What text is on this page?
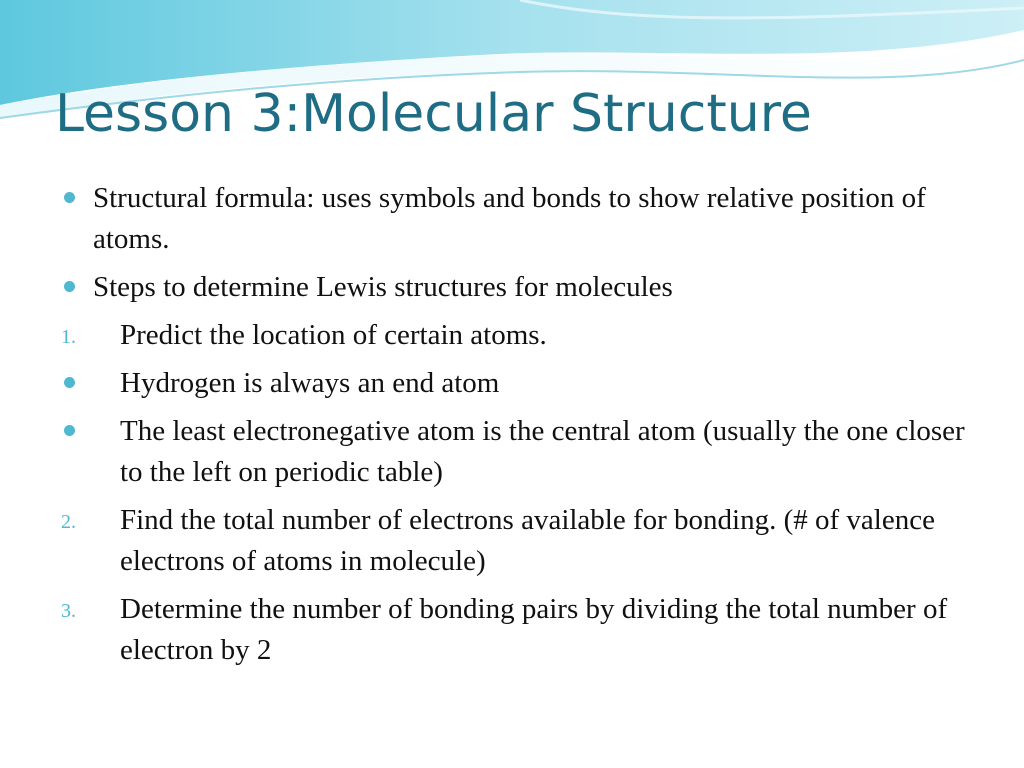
Lesson 3:Molecular Structure
Structural formula: uses symbols and bonds to show relative position of atoms.
Steps to determine Lewis structures for molecules
1. Predict the location of certain atoms.
Hydrogen is always an end atom
The least electronegative atom is the central atom (usually the one closer to the left on periodic table)
2. Find the total number of electrons available for bonding. (# of valence electrons of atoms in molecule)
3. Determine the number of bonding pairs by dividing the total number of electron by 2
